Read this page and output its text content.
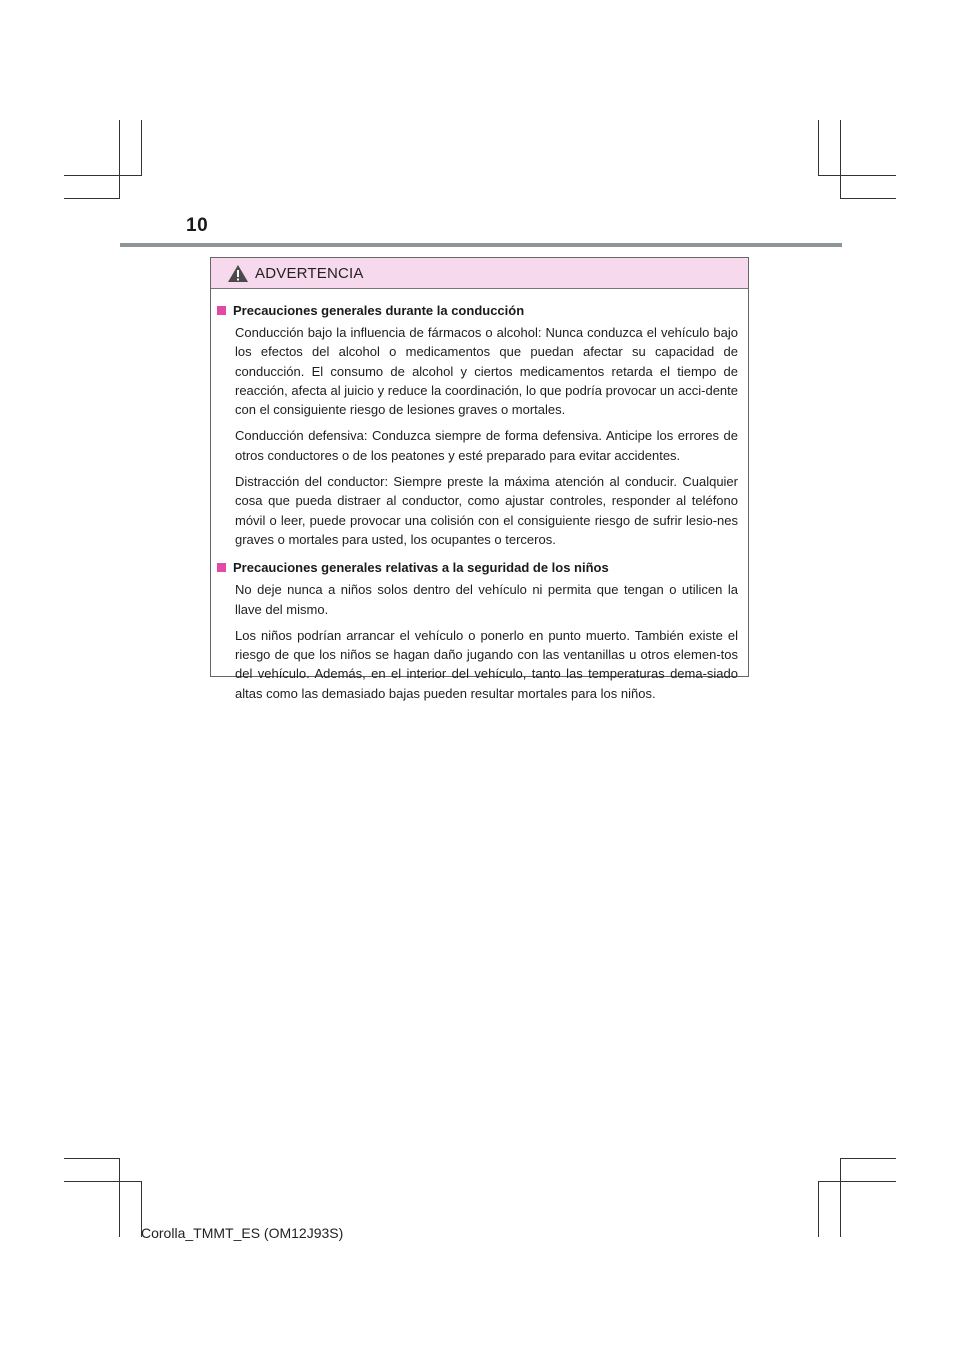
10
ADVERTENCIA
Precauciones generales durante la conducción

Conducción bajo la influencia de fármacos o alcohol: Nunca conduzca el vehículo bajo los efectos del alcohol o medicamentos que puedan afectar su capacidad de conducción. El consumo de alcohol y ciertos medicamentos retarda el tiempo de reacción, afecta al juicio y reduce la coordinación, lo que podría provocar un acci-dente con el consiguiente riesgo de lesiones graves o mortales.

Conducción defensiva: Conduzca siempre de forma defensiva. Anticipe los errores de otros conductores o de los peatones y esté preparado para evitar accidentes.

Distracción del conductor: Siempre preste la máxima atención al conducir. Cualquier cosa que pueda distraer al conductor, como ajustar controles, responder al teléfono móvil o leer, puede provocar una colisión con el consiguiente riesgo de sufrir lesio-nes graves o mortales para usted, los ocupantes o terceros.

Precauciones generales relativas a la seguridad de los niños

No deje nunca a niños solos dentro del vehículo ni permita que tengan o utilicen la llave del mismo.

Los niños podrían arrancar el vehículo o ponerlo en punto muerto. También existe el riesgo de que los niños se hagan daño jugando con las ventanillas u otros elemen-tos del vehículo. Además, en el interior del vehículo, tanto las temperaturas dema-siado altas como las demasiado bajas pueden resultar mortales para los niños.

Corolla_TMMT_ES (OM12J93S)
